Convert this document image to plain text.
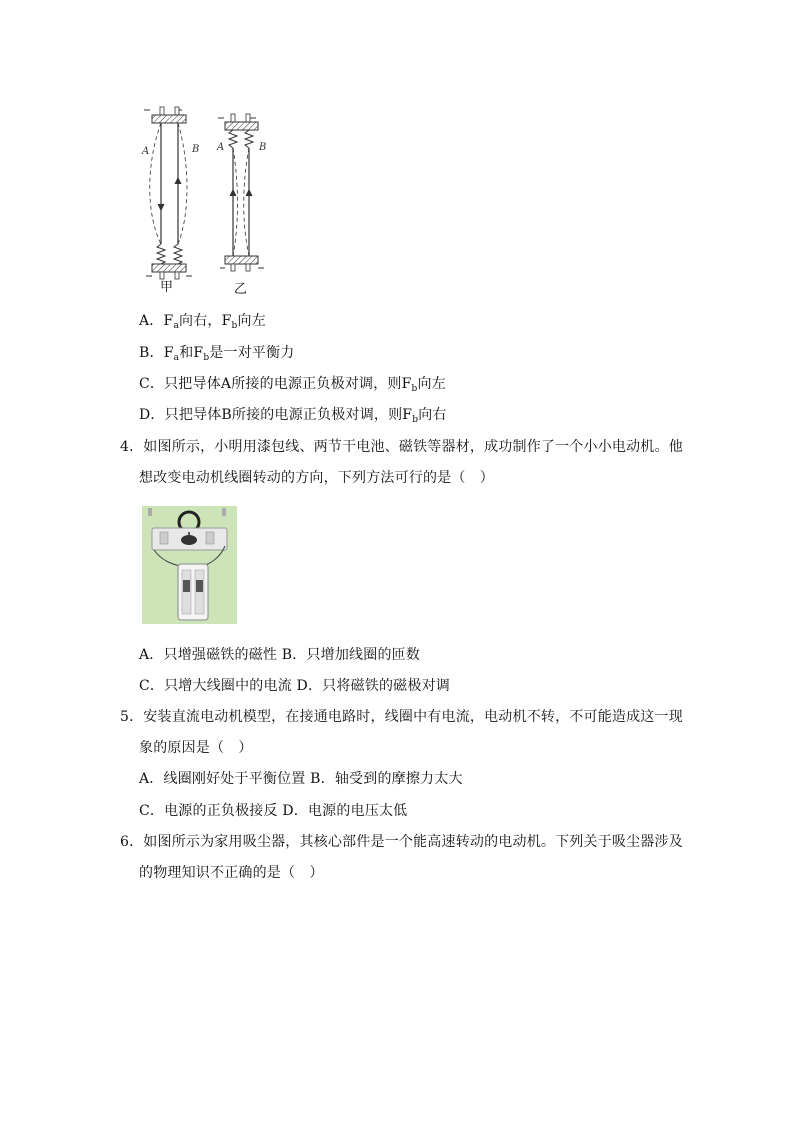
A	B A	B
甲	乙
A．$F_a$向右，$F_b$向左
B．$F_a$和$F_b$是一对平衡力
C．只把导体A所接的电源正负极对调，则$F_b$向左
D．只把导体B所接的电源正负极对调，则$F_b$向右
4．如图所示，小明用漆包线、两节干电池、磁铁等器材，成功制作了一个小小电动机。他
想改变电动机线圈转动的方向，下列方法可行的是（　）
A．只增强磁铁的磁性 B．只增加线圈的匝数
C．只增大线圈中的电流 D．只将磁铁的磁极对调
5．安装直流电动机模型，在接通电路时，线圈中有电流，电动机不转，不可能造成这一现
象的原因是（　）
A．线圈刚好处于平衡位置 B．轴受到的摩擦力太大
C．电源的正负极接反 D．电源的电压太低
6．如图所示为家用吸尘器，其核心部件是一个能高速转动的电动机。下列关于吸尘器涉及
的物理知识不正确的是（　）
